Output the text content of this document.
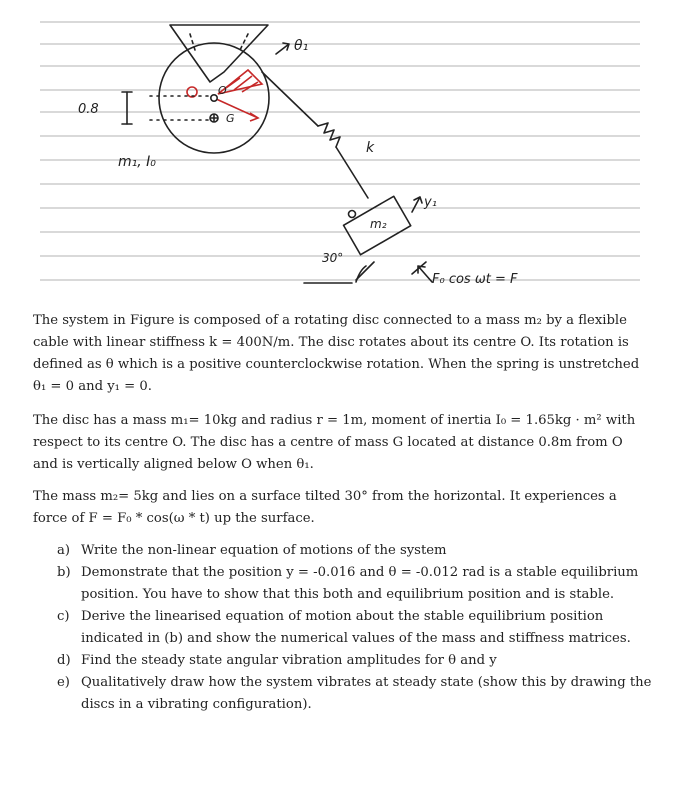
O
G
0.8
m₁, I₀
θ₁
k
m₂
y₁
30°
F₀ cos ωt = F

The system in Figure is composed of a rotating disc connected to a mass m₂ by a flexible cable with linear stiffness k = 400N/m. The disc rotates about its centre O. Its rotation is defined as θ which is a positive counterclockwise rotation. When the spring is unstretched θ₁ = 0 and y₁ = 0.

The disc has a mass m₁= 10kg and radius r = 1m, moment of inertia I₀ = 1.65kg · m² with respect to its centre O. The disc has a centre of mass G located at distance 0.8m from O and is vertically aligned below O when θ₁.

The mass m₂= 5kg and lies on a surface tilted 30° from the horizontal. It experiences a force of F = F₀ * cos(ω * t) up the surface.

a) Write the non-linear equation of motions of the system
b) Demonstrate that the position y = -0.016 and θ = -0.012 rad is a stable equilibrium position. You have to show that this both and equilibrium position and is stable.
c) Derive the linearised equation of motion about the stable equilibrium position indicated in (b) and show the numerical values of the mass and stiffness matrices.
d) Find the steady state angular vibration amplitudes for θ and y
e) Qualitatively draw how the system vibrates at steady state (show this by drawing the discs in a vibrating configuration).
